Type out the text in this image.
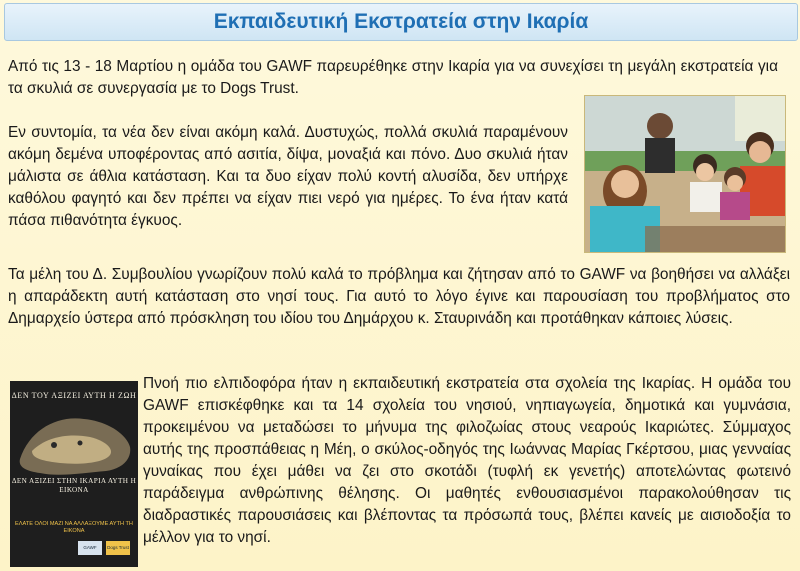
Εκπαιδευτική Εκστρατεία στην Ικαρία

Από τις 13 - 18 Μαρτίου η ομάδα του GAWF παρευρέθηκε στην Ικαρία για να συνεχίσει τη μεγάλη εκστρατεία για τα σκυλιά σε συνεργασία με το Dogs Trust.

Εν συντομία, τα νέα δεν είναι ακόμη καλά. Δυστυχώς, πολλά σκυλιά παραμένουν ακόμη δεμένα υποφέροντας από ασιτία, δίψα, μοναξιά και πόνο. Δυο σκυλιά ήταν μάλιστα σε άθλια κατάσταση. Και τα δυο είχαν πολύ κοντή αλυσίδα, δεν υπήρχε καθόλου φαγητό και δεν πρέπει να είχαν πιει νερό για ημέρες. Το ένα ήταν κατά πάσα πιθανότητα έγκυος.

Τα μέλη του Δ. Συμβουλίου γνωρίζουν πολύ καλά το πρόβλημα και ζήτησαν από το GAWF να βοηθήσει να αλλάξει η απαράδεκτη αυτή κατάσταση στο νησί τους. Για αυτό το λόγο έγινε και παρουσίαση του προβλήματος στο Δημαρχείο ύστερα από πρόσκληση του ιδίου του Δημάρχου κ. Σταυρινάδη και προτάθηκαν κάποιες λύσεις.

ΔΕΝ ΤΟΥ ΑΞΙΖΕΙ ΑΥΤΗ Η ΖΩΗ
ΔΕΝ ΑΞΙΖΕΙ ΣΤΗΝ ΙΚΑΡΙΑ ΑΥΤΗ Η ΕΙΚΟΝΑ
ΕΛΑΤΕ ΟΛΟΙ ΜΑΖΙ ΝΑ ΑΛΛΑΞΟΥΜΕ ΑΥΤΗ ΤΗ ΕΙΚΟΝΑ
GAWF	Dogs Trust

Πνοή πιο ελπιδοφόρα ήταν η εκπαιδευτική εκστρατεία στα σχολεία της Ικαρίας. Η ομάδα του GAWF επισκέφθηκε και τα 14 σχολεία του νησιού, νηπιαγωγεία, δημοτικά και γυμνάσια, προκειμένου να μεταδώσει το μήνυμα της φιλοζωίας στους νεαρούς Ικαριώτες. Σύμμαχος αυτής της προσπάθειας η Μέη, ο σκύλος-οδηγός της Ιωάννας Μαρίας Γκέρτσου, μιας γενναίας γυναίκας που έχει μάθει να ζει στο σκοτάδι (τυφλή εκ γενετής) αποτελώντας φωτεινό παράδειγμα ανθρώπινης θέλησης. Οι μαθητές ενθουσιασμένοι παρακολούθησαν τις διαδραστικές παρουσιάσεις και βλέποντας τα πρόσωπά τους, βλέπει κανείς με αισιοδοξία το μέλλον για το νησί.
